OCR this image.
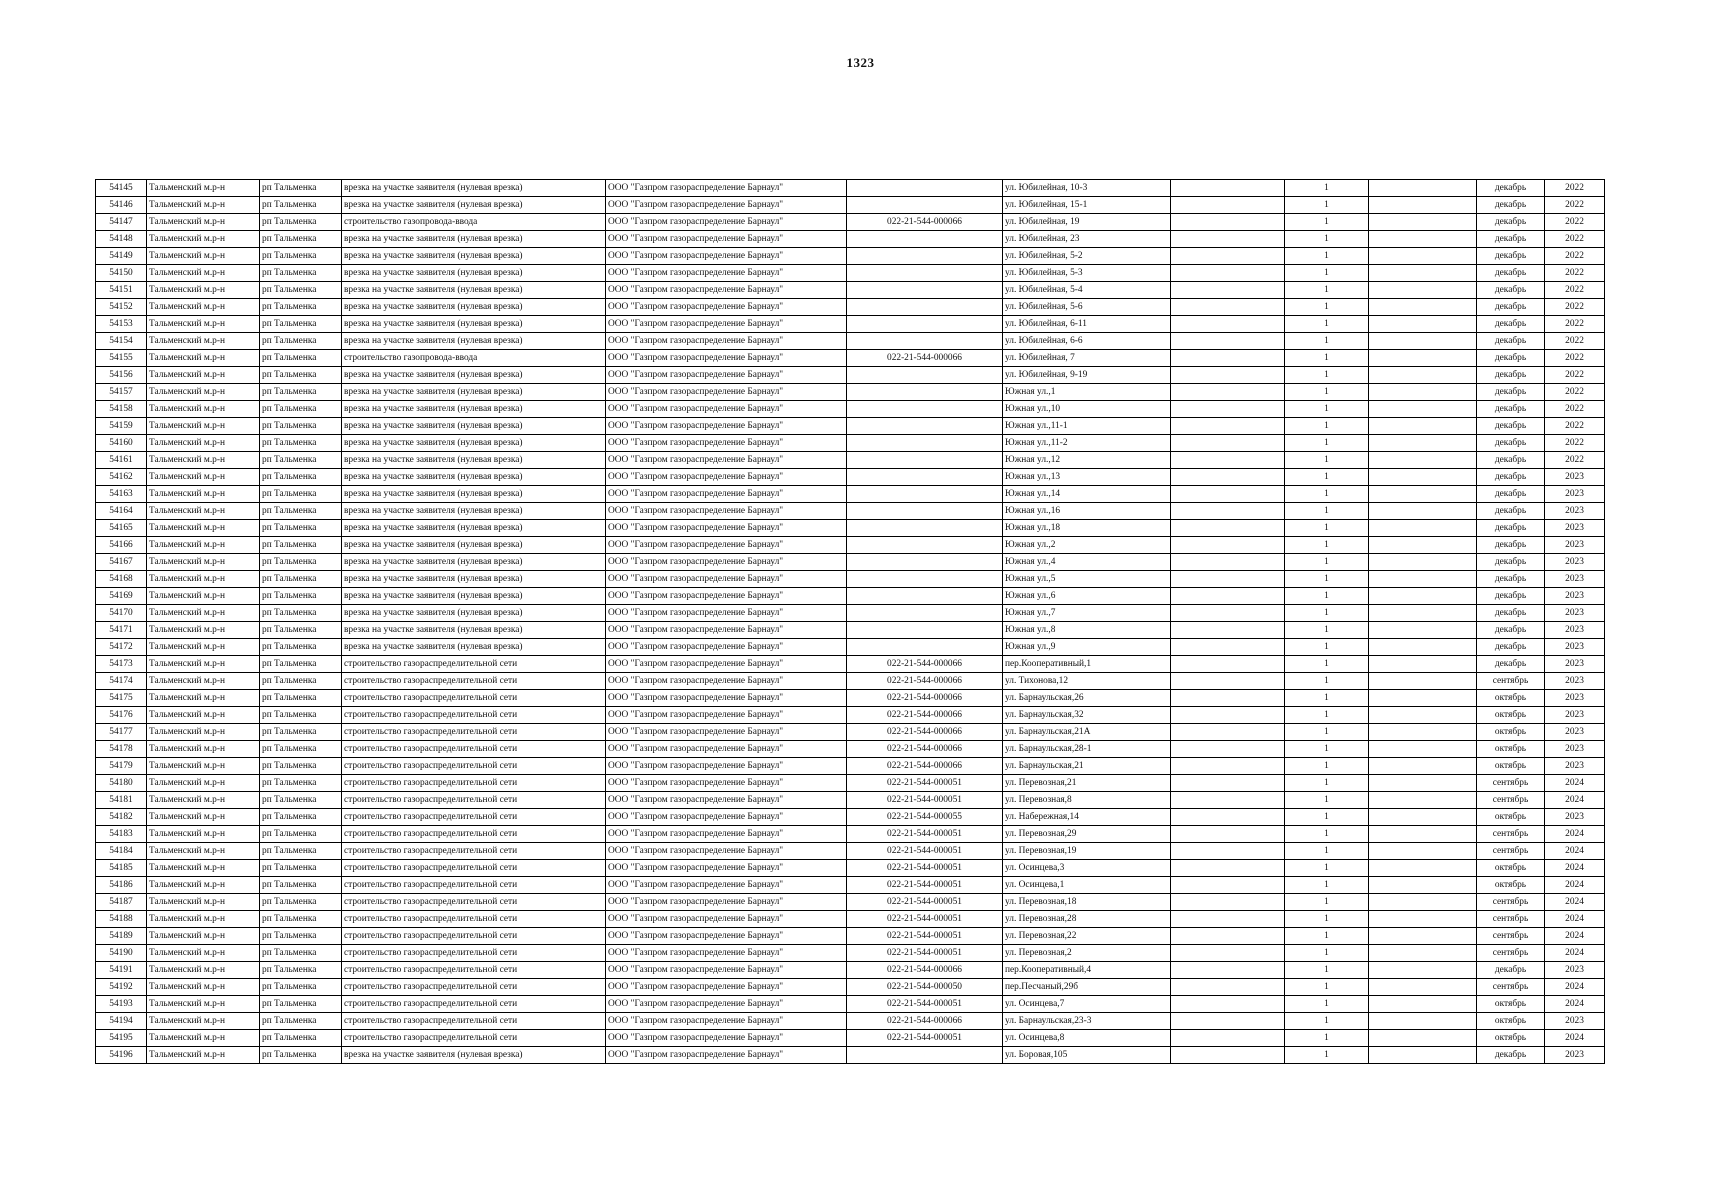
1323
54145	Тальменский м.р-н	рп Тальменка	врезка на участке заявителя (нулевая врезка)	ООО "Газпром газораспределение Барнаул"		ул. Юбилейная, 10-3		1		декабрь	2022
54146	Тальменский м.р-н	рп Тальменка	врезка на участке заявителя (нулевая врезка)	ООО "Газпром газораспределение Барнаул"		ул. Юбилейная, 15-1		1		декабрь	2022
54147	Тальменский м.р-н	рп Тальменка	строительство газопровода-ввода	ООО "Газпром газораспределение Барнаул"	022-21-544-000066	ул. Юбилейная, 19		1		декабрь	2022
54148	Тальменский м.р-н	рп Тальменка	врезка на участке заявителя (нулевая врезка)	ООО "Газпром газораспределение Барнаул"		ул. Юбилейная, 23		1		декабрь	2022
54149	Тальменский м.р-н	рп Тальменка	врезка на участке заявителя (нулевая врезка)	ООО "Газпром газораспределение Барнаул"		ул. Юбилейная, 5-2		1		декабрь	2022
54150	Тальменский м.р-н	рп Тальменка	врезка на участке заявителя (нулевая врезка)	ООО "Газпром газораспределение Барнаул"		ул. Юбилейная, 5-3		1		декабрь	2022
54151	Тальменский м.р-н	рп Тальменка	врезка на участке заявителя (нулевая врезка)	ООО "Газпром газораспределение Барнаул"		ул. Юбилейная, 5-4		1		декабрь	2022
54152	Тальменский м.р-н	рп Тальменка	врезка на участке заявителя (нулевая врезка)	ООО "Газпром газораспределение Барнаул"		ул. Юбилейная, 5-6		1		декабрь	2022
54153	Тальменский м.р-н	рп Тальменка	врезка на участке заявителя (нулевая врезка)	ООО "Газпром газораспределение Барнаул"		ул. Юбилейная, 6-11		1		декабрь	2022
54154	Тальменский м.р-н	рп Тальменка	врезка на участке заявителя (нулевая врезка)	ООО "Газпром газораспределение Барнаул"		ул. Юбилейная, 6-6		1		декабрь	2022
54155	Тальменский м.р-н	рп Тальменка	строительство газопровода-ввода	ООО "Газпром газораспределение Барнаул"	022-21-544-000066	ул. Юбилейная, 7		1		декабрь	2022
54156	Тальменский м.р-н	рп Тальменка	врезка на участке заявителя (нулевая врезка)	ООО "Газпром газораспределение Барнаул"		ул. Юбилейная, 9-19		1		декабрь	2022
54157	Тальменский м.р-н	рп Тальменка	врезка на участке заявителя (нулевая врезка)	ООО "Газпром газораспределение Барнаул"		Южная ул.,1		1		декабрь	2022
54158	Тальменский м.р-н	рп Тальменка	врезка на участке заявителя (нулевая врезка)	ООО "Газпром газораспределение Барнаул"		Южная ул.,10		1		декабрь	2022
54159	Тальменский м.р-н	рп Тальменка	врезка на участке заявителя (нулевая врезка)	ООО "Газпром газораспределение Барнаул"		Южная ул.,11-1		1		декабрь	2022
54160	Тальменский м.р-н	рп Тальменка	врезка на участке заявителя (нулевая врезка)	ООО "Газпром газораспределение Барнаул"		Южная ул.,11-2		1		декабрь	2022
54161	Тальменский м.р-н	рп Тальменка	врезка на участке заявителя (нулевая врезка)	ООО "Газпром газораспределение Барнаул"		Южная ул.,12		1		декабрь	2022
54162	Тальменский м.р-н	рп Тальменка	врезка на участке заявителя (нулевая врезка)	ООО "Газпром газораспределение Барнаул"		Южная ул.,13		1		декабрь	2023
54163	Тальменский м.р-н	рп Тальменка	врезка на участке заявителя (нулевая врезка)	ООО "Газпром газораспределение Барнаул"		Южная ул.,14		1		декабрь	2023
54164	Тальменский м.р-н	рп Тальменка	врезка на участке заявителя (нулевая врезка)	ООО "Газпром газораспределение Барнаул"		Южная ул.,16		1		декабрь	2023
54165	Тальменский м.р-н	рп Тальменка	врезка на участке заявителя (нулевая врезка)	ООО "Газпром газораспределение Барнаул"		Южная ул.,18		1		декабрь	2023
54166	Тальменский м.р-н	рп Тальменка	врезка на участке заявителя (нулевая врезка)	ООО "Газпром газораспределение Барнаул"		Южная ул.,2		1		декабрь	2023
54167	Тальменский м.р-н	рп Тальменка	врезка на участке заявителя (нулевая врезка)	ООО "Газпром газораспределение Барнаул"		Южная ул.,4		1		декабрь	2023
54168	Тальменский м.р-н	рп Тальменка	врезка на участке заявителя (нулевая врезка)	ООО "Газпром газораспределение Барнаул"		Южная ул.,5		1		декабрь	2023
54169	Тальменский м.р-н	рп Тальменка	врезка на участке заявителя (нулевая врезка)	ООО "Газпром газораспределение Барнаул"		Южная ул.,6		1		декабрь	2023
54170	Тальменский м.р-н	рп Тальменка	врезка на участке заявителя (нулевая врезка)	ООО "Газпром газораспределение Барнаул"		Южная ул.,7		1		декабрь	2023
54171	Тальменский м.р-н	рп Тальменка	врезка на участке заявителя (нулевая врезка)	ООО "Газпром газораспределение Барнаул"		Южная ул.,8		1		декабрь	2023
54172	Тальменский м.р-н	рп Тальменка	врезка на участке заявителя (нулевая врезка)	ООО "Газпром газораспределение Барнаул"		Южная ул.,9		1		декабрь	2023
54173	Тальменский м.р-н	рп Тальменка	строительство газораспределительной сети	ООО "Газпром газораспределение Барнаул"	022-21-544-000066	пер.Кооперативный,1		1		декабрь	2023
54174	Тальменский м.р-н	рп Тальменка	строительство газораспределительной сети	ООО "Газпром газораспределение Барнаул"	022-21-544-000066	ул. Тихонова,12		1		сентябрь	2023
54175	Тальменский м.р-н	рп Тальменка	строительство газораспределительной сети	ООО "Газпром газораспределение Барнаул"	022-21-544-000066	ул. Барнаульская,26		1		октябрь	2023
54176	Тальменский м.р-н	рп Тальменка	строительство газораспределительной сети	ООО "Газпром газораспределение Барнаул"	022-21-544-000066	ул. Барнаульская,32		1		октябрь	2023
54177	Тальменский м.р-н	рп Тальменка	строительство газораспределительной сети	ООО "Газпром газораспределение Барнаул"	022-21-544-000066	ул. Барнаульская,21А		1		октябрь	2023
54178	Тальменский м.р-н	рп Тальменка	строительство газораспределительной сети	ООО "Газпром газораспределение Барнаул"	022-21-544-000066	ул. Барнаульская,28-1		1		октябрь	2023
54179	Тальменский м.р-н	рп Тальменка	строительство газораспределительной сети	ООО "Газпром газораспределение Барнаул"	022-21-544-000066	ул. Барнаульская,21		1		октябрь	2023
54180	Тальменский м.р-н	рп Тальменка	строительство газораспределительной сети	ООО "Газпром газораспределение Барнаул"	022-21-544-000051	ул. Перевозная,21		1		сентябрь	2024
54181	Тальменский м.р-н	рп Тальменка	строительство газораспределительной сети	ООО "Газпром газораспределение Барнаул"	022-21-544-000051	ул. Перевозная,8		1		сентябрь	2024
54182	Тальменский м.р-н	рп Тальменка	строительство газораспределительной сети	ООО "Газпром газораспределение Барнаул"	022-21-544-000055	ул. Набережная,14		1		октябрь	2023
54183	Тальменский м.р-н	рп Тальменка	строительство газораспределительной сети	ООО "Газпром газораспределение Барнаул"	022-21-544-000051	ул. Перевозная,29		1		сентябрь	2024
54184	Тальменский м.р-н	рп Тальменка	строительство газораспределительной сети	ООО "Газпром газораспределение Барнаул"	022-21-544-000051	ул. Перевозная,19		1		сентябрь	2024
54185	Тальменский м.р-н	рп Тальменка	строительство газораспределительной сети	ООО "Газпром газораспределение Барнаул"	022-21-544-000051	ул. Осинцева,3		1		октябрь	2024
54186	Тальменский м.р-н	рп Тальменка	строительство газораспределительной сети	ООО "Газпром газораспределение Барнаул"	022-21-544-000051	ул. Осинцева,1		1		октябрь	2024
54187	Тальменский м.р-н	рп Тальменка	строительство газораспределительной сети	ООО "Газпром газораспределение Барнаул"	022-21-544-000051	ул. Перевозная,18		1		сентябрь	2024
54188	Тальменский м.р-н	рп Тальменка	строительство газораспределительной сети	ООО "Газпром газораспределение Барнаул"	022-21-544-000051	ул. Перевозная,28		1		сентябрь	2024
54189	Тальменский м.р-н	рп Тальменка	строительство газораспределительной сети	ООО "Газпром газораспределение Барнаул"	022-21-544-000051	ул. Перевозная,22		1		сентябрь	2024
54190	Тальменский м.р-н	рп Тальменка	строительство газораспределительной сети	ООО "Газпром газораспределение Барнаул"	022-21-544-000051	ул. Перевозная,2		1		сентябрь	2024
54191	Тальменский м.р-н	рп Тальменка	строительство газораспределительной сети	ООО "Газпром газораспределение Барнаул"	022-21-544-000066	пер.Кооперативный,4		1		декабрь	2023
54192	Тальменский м.р-н	рп Тальменка	строительство газораспределительной сети	ООО "Газпром газораспределение Барнаул"	022-21-544-000050	пер.Песчаный,29б		1		сентябрь	2024
54193	Тальменский м.р-н	рп Тальменка	строительство газораспределительной сети	ООО "Газпром газораспределение Барнаул"	022-21-544-000051	ул. Осинцева,7		1		октябрь	2024
54194	Тальменский м.р-н	рп Тальменка	строительство газораспределительной сети	ООО "Газпром газораспределение Барнаул"	022-21-544-000066	ул. Барнаульская,23-3		1		октябрь	2023
54195	Тальменский м.р-н	рп Тальменка	строительство газораспределительной сети	ООО "Газпром газораспределение Барнаул"	022-21-544-000051	ул. Осинцева,8		1		октябрь	2024
54196	Тальменский м.р-н	рп Тальменка	врезка на участке заявителя (нулевая врезка)	ООО "Газпром газораспределение Барнаул"		ул. Боровая,105		1		декабрь	2023
